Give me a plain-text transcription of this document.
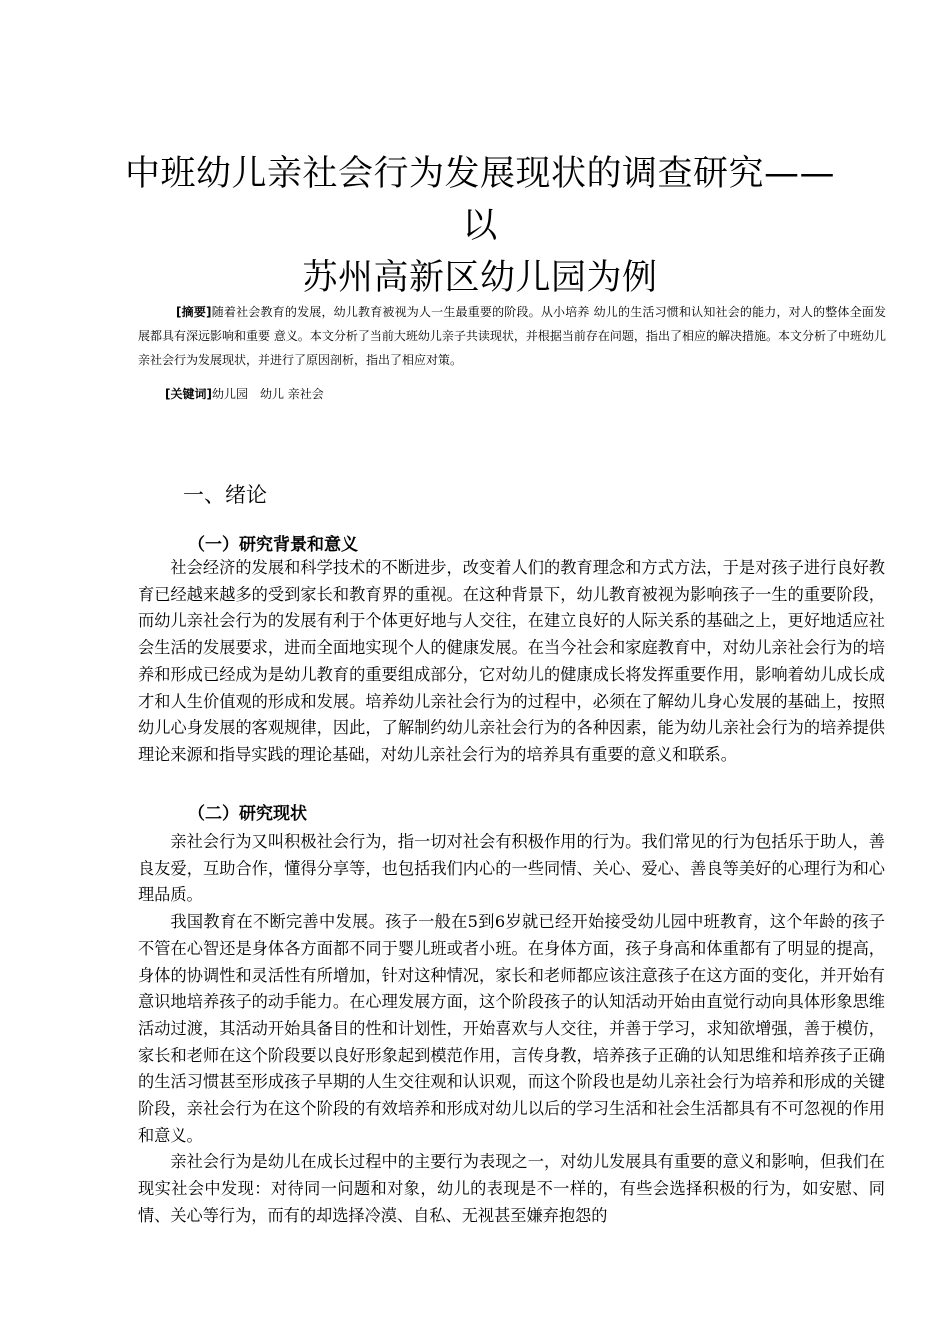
中班幼儿亲社会行为发展现状的调查研究——以
苏州高新区幼儿园为例
[摘要]随着社会教育的发展，幼儿教育被视为人一生最重要的阶段。从小培养 幼儿的生活习惯和认知社会的能力，对人的整体全面发展都具有深远影响和重要 意义。本文分析了当前大班幼儿亲子共读现状，并根据当前存在问题，指出了相应的解决措施。本文分析了中班幼儿亲社会行为发展现状，并进行了原因剖析，指出了相应对策。
[关键词]幼儿园　幼儿 亲社会
一、绪论
（一）研究背景和意义

社会经济的发展和科学技术的不断进步，改变着人们的教育理念和方式方法，于是对孩子进行良好教育已经越来越多的受到家长和教育界的重视。在这种背景下，幼儿教育被视为影响孩子一生的重要阶段，而幼儿亲社会行为的发展有利于个体更好地与人交往，在建立良好的人际关系的基础之上，更好地适应社会生活的发展要求，进而全面地实现个人的健康发展。在当今社会和家庭教育中，对幼儿亲社会行为的培养和形成已经成为是幼儿教育的重要组成部分，它对幼儿的健康成长将发挥重要作用，影响着幼儿成长成才和人生价值观的形成和发展。培养幼儿亲社会行为的过程中，必须在了解幼儿身心发展的基础上，按照幼儿心身发展的客观规律，因此，了解制约幼儿亲社会行为的各种因素，能为幼儿亲社会行为的培养提供理论来源和指导实践的理论基础，对幼儿亲社会行为的培养具有重要的意义和联系。

（二）研究现状

亲社会行为又叫积极社会行为，指一切对社会有积极作用的行为。我们常见的行为包括乐于助人，善良友爱，互助合作，懂得分享等，也包括我们内心的一些同情、关心、爱心、善良等美好的心理行为和心理品质。

我国教育在不断完善中发展。孩子一般在5到6岁就已经开始接受幼儿园中班教育，这个年龄的孩子不管在心智还是身体各方面都不同于婴儿班或者小班。在身体方面，孩子身高和体重都有了明显的提高，身体的协调性和灵活性有所增加，针对这种情况，家长和老师都应该注意孩子在这方面的变化，并开始有意识地培养孩子的动手能力。在心理发展方面，这个阶段孩子的认知活动开始由直觉行动向具体形象思维活动过渡，其活动开始具备目的性和计划性，开始喜欢与人交往，并善于学习，求知欲增强，善于模仿，家长和老师在这个阶段要以良好形象起到模范作用，言传身教，培养孩子正确的认知思维和培养孩子正确的生活习惯甚至形成孩子早期的人生交往观和认识观，而这个阶段也是幼儿亲社会行为培养和形成的关键阶段，亲社会行为在这个阶段的有效培养和形成对幼儿以后的学习生活和社会生活都具有不可忽视的作用和意义。

亲社会行为是幼儿在成长过程中的主要行为表现之一，对幼儿发展具有重要的意义和影响，但我们在现实社会中发现：对待同一问题和对象，幼儿的表现是不一样的，有些会选择积极的行为，如安慰、同情、关心等行为，而有的却选择冷漠、自私、无视甚至嫌弃抱怨的
